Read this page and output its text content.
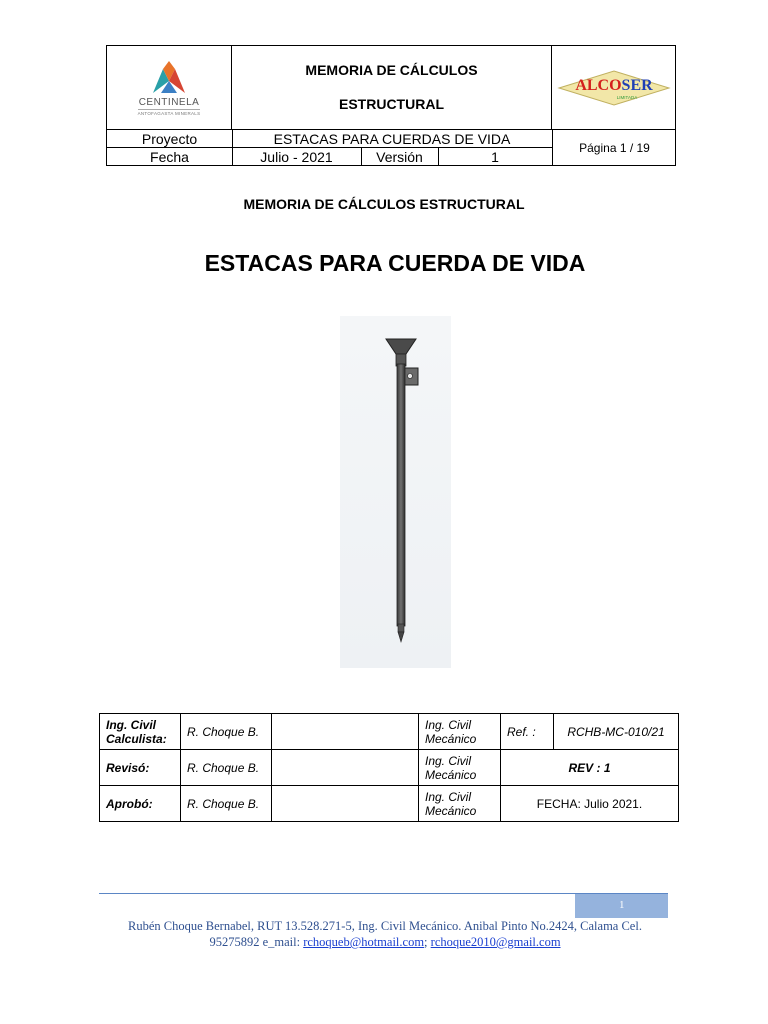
CENTINELA
ANTOFAGASTA MINERALS
MEMORIA DE CÁLCULOS
ESTRUCTURAL
ALCOSER
LIMITADA
Proyecto	ESTACAS PARA CUERDAS DE VIDA
Fecha	Julio - 2021	Versión	1
Página 1 / 19
MEMORIA DE CÁLCULOS ESTRUCTURAL
ESTACAS PARA CUERDA DE VIDA
Ing. Civil Calculista:	R. Choque B.		Ing. Civil Mecánico	Ref. :	RCHB-MC-010/21
Revisó:	R. Choque B.		Ing. Civil Mecánico	REV : 1	
Aprobó:	R. Choque B.		Ing. Civil Mecánico	FECHA: Julio 2021.	
1
Rubén Choque Bernabel, RUT 13.528.271-5, Ing. Civil Mecánico. Anibal Pinto No.2424, Calama Cel.
95275892 e_mail: rchoqueb@hotmail.com; rchoque2010@gmail.com
